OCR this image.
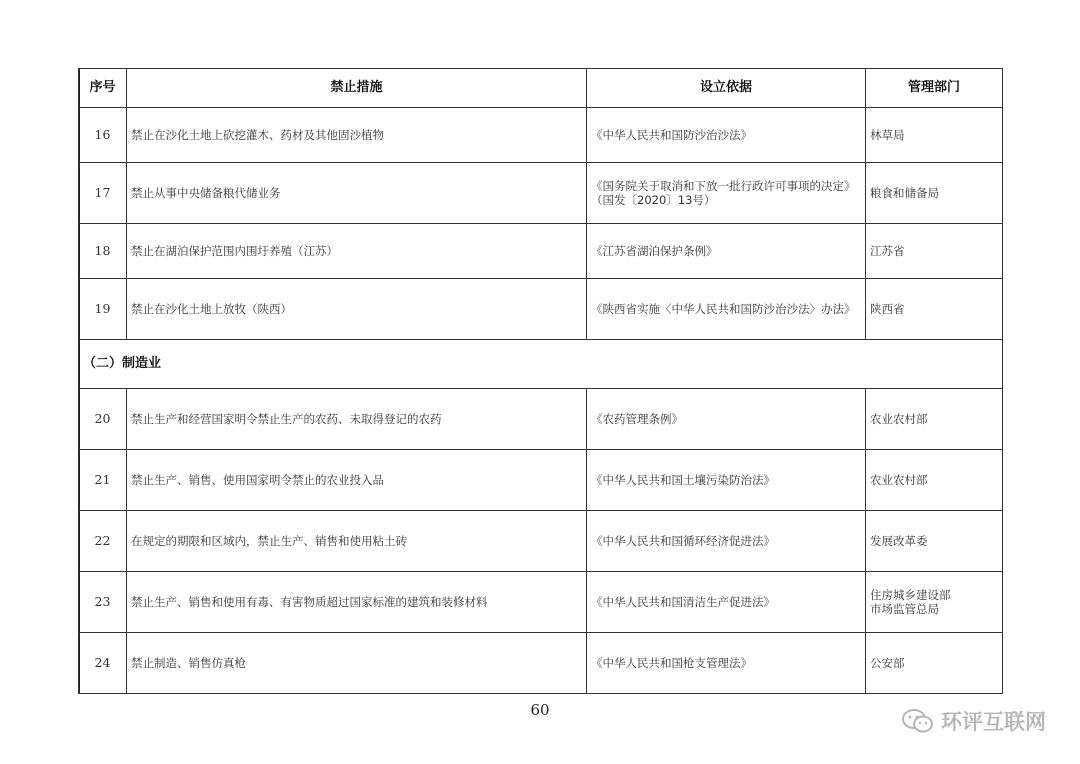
序号	禁止措施	设立依据	管理部门
16	禁止在沙化土地上砍挖灌木、药材及其他固沙植物	《中华人民共和国防沙治沙法》	林草局
17	禁止从事中央储备粮代储业务	《国务院关于取消和下放一批行政许可事项的决定》（国发〔2020〕13号）	粮食和储备局
18	禁止在湖泊保护范围内围圩养殖（江苏）	《江苏省湖泊保护条例》	江苏省
19	禁止在沙化土地上放牧（陕西）	《陕西省实施〈中华人民共和国防沙治沙法〉办法》	陕西省
（二）制造业			
20	禁止生产和经营国家明令禁止生产的农药、未取得登记的农药	《农药管理条例》	农业农村部
21	禁止生产、销售、使用国家明令禁止的农业投入品	《中华人民共和国土壤污染防治法》	农业农村部
22	在规定的期限和区域内，禁止生产、销售和使用粘土砖	《中华人民共和国循环经济促进法》	发展改革委
23	禁止生产、销售和使用有毒、有害物质超过国家标准的建筑和装修材料	《中华人民共和国清洁生产促进法》	住房城乡建设部
市场监管总局
24	禁止制造、销售仿真枪	《中华人民共和国枪支管理法》	公安部
60	环评互联网
